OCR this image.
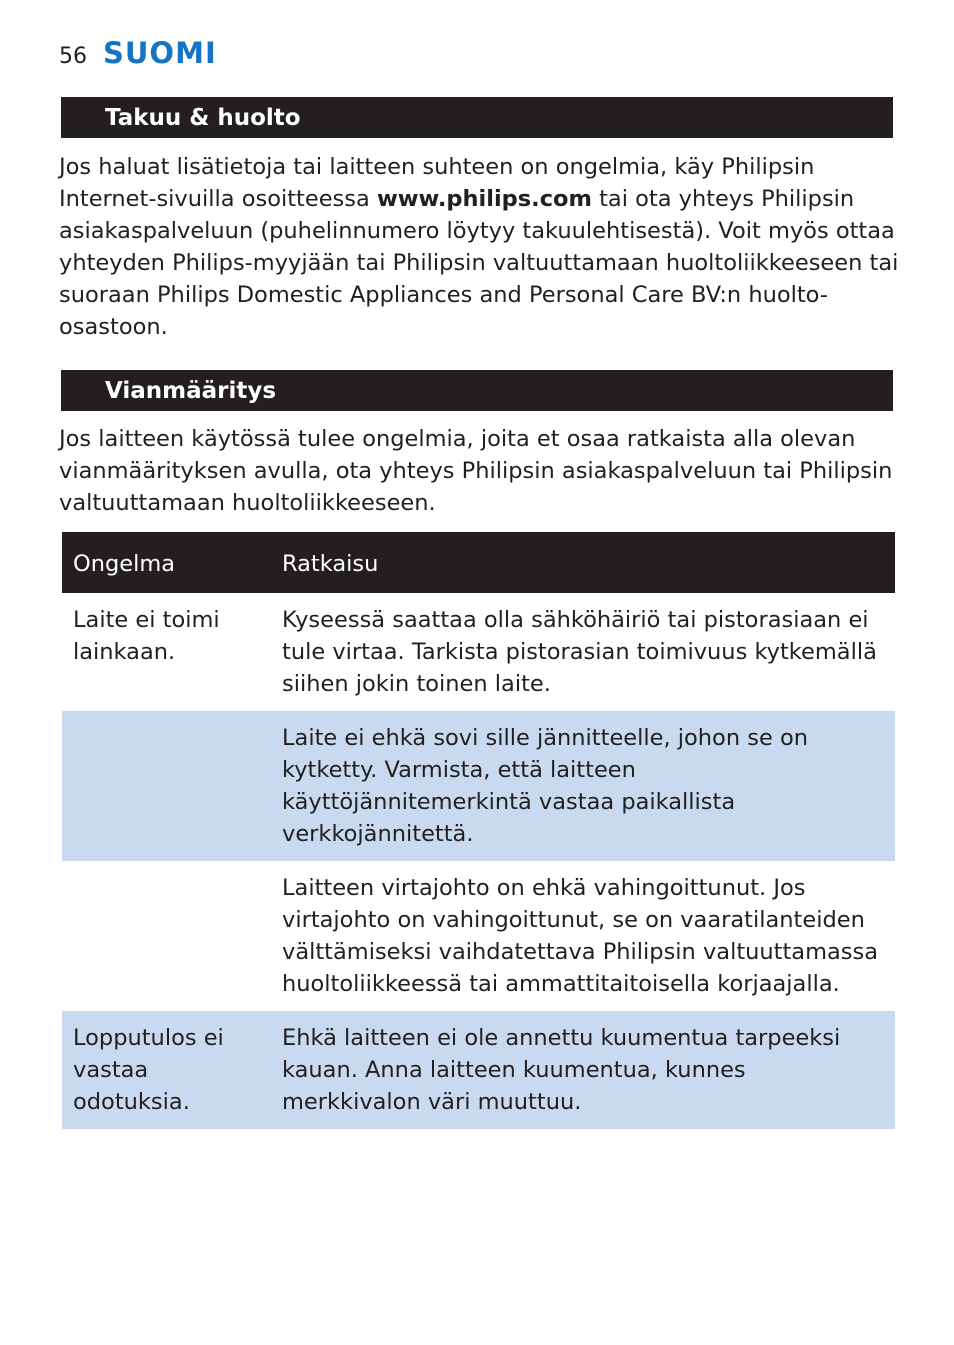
56 SUOMI
Takuu & huolto

Jos haluat lisätietoja tai laitteen suhteen on ongelmia, käy Philipsin Internet-sivuilla osoitteessa www.philips.com tai ota yhteys Philipsin asiakaspalveluun (puhelinnumero löytyy takuulehtisestä). Voit myös ottaa yhteyden Philips-myyjään tai Philipsin valtuuttamaan huoltoliikkeeseen tai suoraan Philips Domestic Appliances and Personal Care BV:n huolto-osastoon.

Vianmääritys

Jos laitteen käytössä tulee ongelmia, joita et osaa ratkaista alla olevan vianmäärityksen avulla, ota yhteys Philipsin asiakaspalveluun tai Philipsin valtuuttamaan huoltoliikkeeseen.

Ongelma	Ratkaisu
Laite ei toimi lainkaan.	Kyseessä saattaa olla sähköhäiriö tai pistorasiaan ei tule virtaa. Tarkista pistorasian toimivuus kytkemällä siihen jokin toinen laite.
	Laite ei ehkä sovi sille jännitteelle, johon se on kytketty. Varmista, että laitteen käyttöjännitemerkintä vastaa paikallista verkkojännitettä.
	Laitteen virtajohto on ehkä vahingoittunut. Jos virtajohto on vahingoittunut, se on vaaratilanteiden välttämiseksi vaihdatettava Philipsin valtuuttamassa huoltoliikkeessä tai ammattitaitoisella korjaajalla.
Lopputulos ei vastaa odotuksia.	Ehkä laitteen ei ole annettu kuumentua tarpeeksi kauan. Anna laitteen kuumentua, kunnes merkkivalon väri muuttuu.
